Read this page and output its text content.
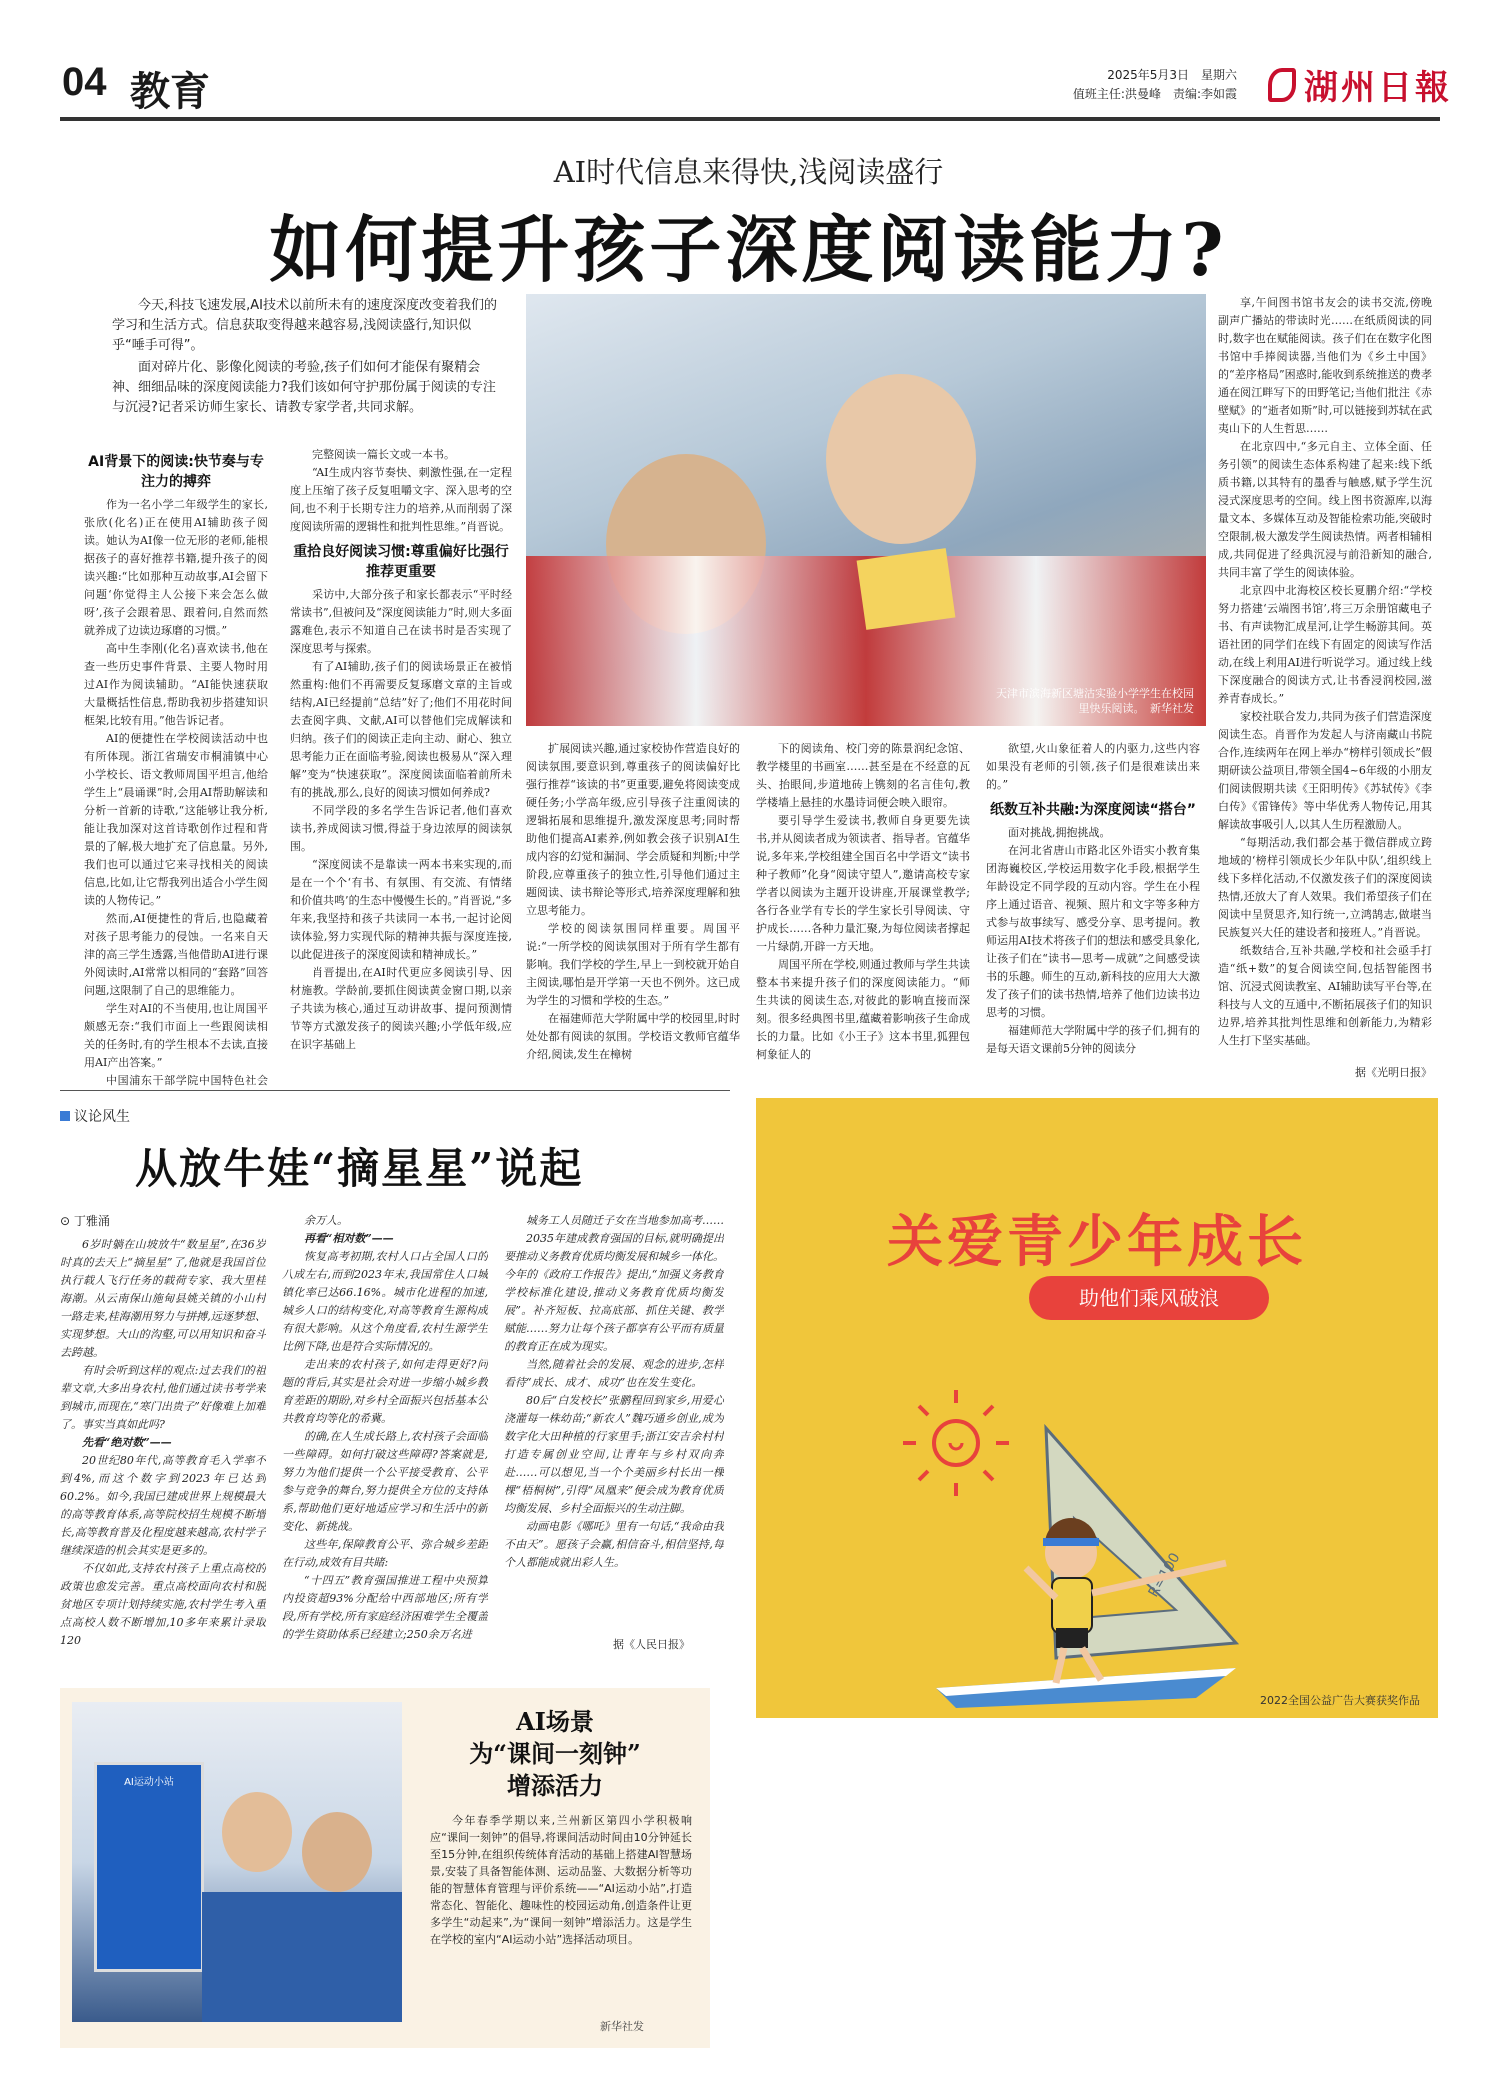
04 教育	2025年5月3日　星期六
值班主任:洪曼峰　责编:李如霞 湖州日報
AI时代信息来得快,浅阅读盛行
如何提升孩子深度阅读能力?

今天,科技飞速发展,AI技术以前所未有的速度深度改变着我们的学习和生活方式。信息获取变得越来越容易,浅阅读盛行,知识似乎“唾手可得”。

面对碎片化、影像化阅读的考验,孩子们如何才能保有聚精会神、细细品味的深度阅读能力?我们该如何守护那份属于阅读的专注与沉浸?记者采访师生家长、请教专家学者,共同求解。

AI背景下的阅读:快节奏与专注力的搏弈

作为一名小学二年级学生的家长,张欣(化名)正在使用AI辅助孩子阅读。她认为AI像一位无形的老师,能根据孩子的喜好推荐书籍,提升孩子的阅读兴趣:“比如那种互动故事,AI会留下问题‘你觉得主人公接下来会怎么做呀’,孩子会跟着思、跟着问,自然而然就养成了边读边琢磨的习惯。”

高中生李刚(化名)喜欢读书,他在查一些历史事件背景、主要人物时用过AI作为阅读辅助。“AI能快速获取大量概括性信息,帮助我初步搭建知识框架,比较有用。”他告诉记者。

AI的便捷性在学校阅读活动中也有所体现。浙江省瑞安市桐浦镇中心小学校长、语文教师周国平坦言,他给学生上“晨诵课”时,会用AI帮助解读和分析一首新的诗歌,“这能够让我分析,能让我加深对这首诗歌创作过程和背景的了解,极大地扩充了信息量。另外,我们也可以通过它来寻找相关的阅读信息,比如,让它帮我列出适合小学生阅读的人物传记。”

然而,AI便捷性的背后,也隐藏着对孩子思考能力的侵蚀。一名来自天津的高三学生透露,当他借助AI进行课外阅读时,AI常常以相同的“套路”回答问题,这限制了自己的思维能力。

学生对AI的不当使用,也让周国平颇感无奈:“我们市面上一些跟阅读相关的任务时,有的学生根本不去读,直接用AI产出答案。”

中国浦东干部学院中国特色社会

完整阅读一篇长文或一本书。

“AI生成内容节奏快、刺激性强,在一定程度上压缩了孩子反复咀嚼文字、深入思考的空间,也不利于长期专注力的培养,从而削弱了深度阅读所需的逻辑性和批判性思维。”肖晋说。

重拾良好阅读习惯:尊重偏好比强行推荐更重要

采访中,大部分孩子和家长都表示“平时经常读书”,但被问及“深度阅读能力”时,则大多面露难色,表示不知道自己在读书时是否实现了深度思考与探索。

有了AI辅助,孩子们的阅读场景正在被悄然重构:他们不再需要反复琢磨文章的主旨或结构,AI已经提前“总结”好了;他们不用花时间去查阅字典、文献,AI可以替他们完成解读和归纳。孩子们的阅读正走向主动、耐心、独立思考能力正在面临考验,阅读也极易从“深入理解”变为“快速获取”。深度阅读面临着前所未有的挑战,那么,良好的阅读习惯如何养成?

不同学段的多名学生告诉记者,他们喜欢读书,养成阅读习惯,得益于身边浓厚的阅读氛围。

“深度阅读不是靠读一两本书来实现的,而是在一个个‘有书、有氛围、有交流、有情绪和价值共鸣’的生态中慢慢生长的。”肖晋说,“多年来,我坚持和孩子共读同一本书,一起讨论阅读体验,努力实现代际的精神共振与深度连接,以此促进孩子的深度阅读和精神成长。”

肖晋提出,在AI时代更应多阅读引导、因材施教。学龄前,要抓住阅读黄金窗口期,以亲子共读为核心,通过互动讲故事、提问预测情节等方式激发孩子的阅读兴趣;小学低年级,应在识字基础上

天津市滨海新区塘沽实验小学学生在校园里快乐阅读。　新华社发

扩展阅读兴趣,通过家校协作营造良好的阅读氛围,要意识到,尊重孩子的阅读偏好比强行推荐“该读的书”更重要,避免将阅读变成硬任务;小学高年级,应引导孩子注重阅读的逻辑拓展和思维提升,激发深度思考;同时帮助他们提高AI素养,例如教会孩子识别AI生成内容的幻觉和漏洞、学会质疑和判断;中学阶段,应尊重孩子的独立性,引导他们通过主题阅读、读书辩论等形式,培养深度理解和独立思考能力。

学校的阅读氛围同样重要。周国平说:“一所学校的阅读氛围对于所有学生都有影响。我们学校的学生,早上一到校就开始自主阅读,哪怕是开学第一天也不例外。这已成为学生的习惯和学校的生态。”

在福建师范大学附属中学的校园里,时时处处都有阅读的氛围。学校语文教师官蕴华介绍,阅读,发生在樟树

下的阅读角、校门旁的陈景润纪念馆、教学楼里的书画室……甚至是在不经意的瓦头、抬眼间,步道地砖上镌刻的名言佳句,教学楼墙上悬挂的水墨诗词便会映入眼帘。

要引导学生爱读书,教师自身更要先读书,并从阅读者成为领读者、指导者。官蕴华说,多年来,学校组建全国百名中学语文“读书种子教师”化身“阅读守望人”,邀请高校专家学者以阅读为主题开设讲座,开展课堂教学;各行各业学有专长的学生家长引导阅读、守护成长……各种力量汇聚,为每位阅读者撑起一片绿荫,开辟一方天地。

周国平所在学校,则通过教师与学生共读整本书来提升孩子们的深度阅读能力。“师生共读的阅读生态,对彼此的影响直接而深刻。很多经典图书里,蕴藏着影响孩子生命成长的力量。比如《小王子》这本书里,狐狸包柯象征人的

欲望,火山象征着人的内驱力,这些内容如果没有老师的引领,孩子们是很难读出来的。”

纸数互补共融:为深度阅读“搭台”

面对挑战,拥抱挑战。

在河北省唐山市路北区外语实小教育集团海巍校区,学校运用数字化手段,根据学生年龄设定不同学段的互动内容。学生在小程序上通过语音、视频、照片和文字等多种方式参与故事续写、感受分享、思考提问。教师运用AI技术将孩子们的想法和感受具象化,让孩子们在“读书—思考—成就”之间感受读书的乐趣。师生的互动,新科技的应用大大激发了孩子们的读书热情,培养了他们边读书边思考的习惯。

福建师范大学附属中学的孩子们,拥有的是每天语文课前5分钟的阅读分

享,午间图书馆书友会的读书交流,傍晚副声广播站的带读时光……在纸质阅读的同时,数字也在赋能阅读。孩子们在在数字化图书馆中手捧阅读器,当他们为《乡土中国》的“差序格局”困惑时,能收到系统推送的费孝通在阅江畔写下的田野笔记;当他们批注《赤壁赋》的“逝者如斯”时,可以链接到苏轼在武夷山下的人生哲思……

在北京四中,“多元自主、立体全面、任务引领”的阅读生态体系构建了起来:线下纸质书籍,以其特有的墨香与触感,赋予学生沉浸式深度思考的空间。线上图书资源库,以海量文本、多媒体互动及智能检索功能,突破时空限制,极大激发学生阅读热情。两者相辅相成,共同促进了经典沉浸与前沿新知的融合,共同丰富了学生的阅读体验。

北京四中北海校区校长夏鹏介绍:“学校努力搭建‘云端图书馆’,将三万余册馆藏电子书、有声读物汇成星河,让学生畅游其间。英语社团的同学们在线下有固定的阅读写作活动,在线上利用AI进行听说学习。通过线上线下深度融合的阅读方式,让书香浸润校园,滋养青春成长。”

家校社联合发力,共同为孩子们营造深度阅读生态。肖晋作为发起人与济南藏山书院合作,连续两年在网上举办“榜样引领成长”假期研读公益项目,带领全国4~6年级的小朋友们阅读假期共读《王阳明传》《苏轼传》《李白传》《雷锋传》等中华优秀人物传记,用其解读故事吸引人,以其人生历程激励人。

“每期活动,我们都会基于微信群成立跨地域的‘榜样引领成长少年队中队’,组织线上线下多样化活动,不仅激发孩子们的深度阅读热情,还放大了育人效果。我们希望孩子们在阅读中呈贤思齐,知行统一,立鸿鹄志,做堪当民族复兴大任的建设者和接班人。”肖晋说。

纸数结合,互补共融,学校和社会亟手打造“纸+数”的复合阅读空间,包括智能图书馆、沉浸式阅读教室、AI辅助读写平台等,在科技与人文的互通中,不断拓展孩子们的知识边界,培养其批判性思维和创新能力,为精彩人生打下坚实基础。

据《光明日报》
议论风生
从放牛娃“摘星星”说起
⊙ 丁雅涌

6岁时躺在山坡放牛“数星星”,在36岁时真的去天上“摘星星”了,他就是我国首位执行载人飞行任务的载荷专家、我大里桂海潮。从云南保山施甸县姚关镇的小山村一路走来,桂海潮用努力与拼搏,远逐梦想、实现梦想。大山的沟壑,可以用知识和奋斗去跨越。

有时会听到这样的观点:过去我们的祖辈文章,大多出身农村,他们通过读书考学来到城市,而现在,“寒门出贵子”好像难上加难了。事实当真如此吗?

先看“绝对数”——

20世纪80年代,高等教育毛入学率不到4%,而这个数字到2023年已达到60.2%。如今,我国已建成世界上规模最大的高等教育体系,高等院校招生规模不断增长,高等教育普及化程度越来越高,农村学子继续深造的机会其实是更多的。

不仅如此,支持农村孩子上重点高校的政策也愈发完善。重点高校面向农村和脱贫地区专项计划持续实施,农村学生考入重点高校人数不断增加,10多年来累计录取120

余万人。

再看“相对数”——

恢复高考初期,农村人口占全国人口的八成左右,而到2023年末,我国常住人口城镇化率已达66.16%。城市化进程的加速,城乡人口的结构变化,对高等教育生源构成有很大影响。从这个角度看,农村生源学生比例下降,也是符合实际情况的。

走出来的农村孩子,如何走得更好?问题的背后,其实是社会对进一步缩小城乡教育差距的期盼,对乡村全面振兴包括基本公共教育均等化的希冀。

的确,在人生成长路上,农村孩子会面临一些障碍。如何打破这些障碍?答案就是,努力为他们提供一个公平接受教育、公平参与竞争的舞台,努力提供全方位的支持体系,帮助他们更好地适应学习和生活中的新变化、新挑战。

这些年,保障教育公平、弥合城乡差距在行动,成效有目共睹:

“十四五”教育强国推进工程中央预算内投资超93%分配给中西部地区;所有学段,所有学校,所有家庭经济困难学生全覆盖的学生资助体系已经建立;250余万名进

城务工人员随迁子女在当地参加高考……

2035年建成教育强国的目标,就明确提出要推动义务教育优质均衡发展和城乡一体化。今年的《政府工作报告》提出,“加强义务教育学校标准化建设,推动义务教育优质均衡发展”。补齐短板、拉高底部、抓住关键、教学赋能……努力让每个孩子都享有公平而有质量的教育正在成为现实。

当然,随着社会的发展、观念的进步,怎样看待“成长、成才、成功”也在发生变化。

80后“白发校长”张鹏程回到家乡,用爱心浇灌每一株幼苗;“新农人”魏巧通乡创业,成为数字化大田种植的行家里手;浙江安吉余村村打造专属创业空间,让青年与乡村双向奔赴……可以想见,当一个个美丽乡村长出一棵棵“梧桐树”,引得“凤凰来”便会成为教育优质均衡发展、乡村全面振兴的生动注脚。

动画电影《哪吒》里有一句话,“我命由我不由天”。愿孩子会赢,相信奋斗,相信坚持,每个人都能成就出彩人生。

据《人民日报》
关爱青少年成长
助他们乘风破浪
2022全国公益广告大赛获奖作品
AI运动小站
AI场景
为“课间一刻钟”
增添活力
今年春季学期以来,兰州新区第四小学积极响应“课间一刻钟”的倡导,将课间活动时间由10分钟延长至15分钟,在组织传统体育活动的基础上搭建AI智慧场景,安装了具备智能体测、运动品鉴、大数据分析等功能的智慧体育管理与评价系统——“AI运动小站”,打造常态化、智能化、趣味性的校园运动角,创造条件让更多学生“动起来”,为“课间一刻钟”增添活力。这是学生在学校的室内“AI运动小站”选择活动项目。
新华社发
